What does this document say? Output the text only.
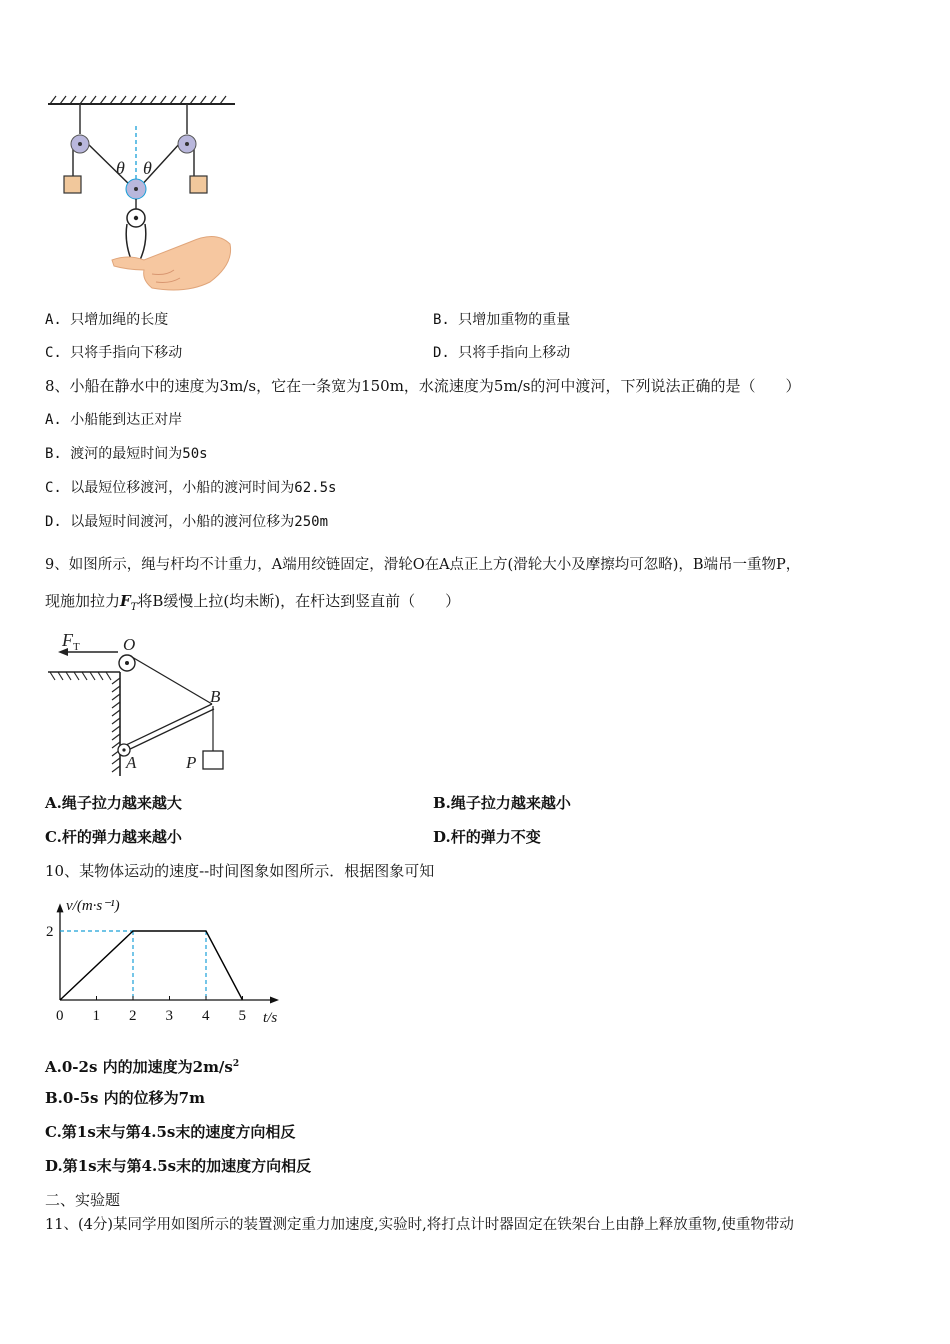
θ θ
A. 只增加绳的长度	B. 只增加重物的重量
C. 只将手指向下移动	D. 只将手指向上移动
8、小船在静水中的速度为3m/s，它在一条宽为150m，水流速度为5m/s的河中渡河，下列说法正确的是（　　）
A. 小船能到达正对岸
B. 渡河的最短时间为50s
C. 以最短位移渡河，小船的渡河时间为62.5s
D. 以最短时间渡河，小船的渡河位移为250m
9、如图所示，绳与杆均不计重力，A端用绞链固定，滑轮O在A点正上方(滑轮大小及摩擦均可忽略)，B端吊一重物P，
现施加拉力$F_T$将B缓慢上拉(均未断)，在杆达到竖直前（　　）
$F_T$	O
B
A	P
A.绳子拉力越来越大	B.绳子拉力越来越小
C.杆的弹力越来越小	D.杆的弹力不变
10、某物体运动的速度--时间图象如图所示．根据图象可知
0 1 2 3 4 5
2
t/s
v/(m·s⁻¹)
A.0-2s 内的加速度为$2m/s^2$
B.0-5s 内的位移为7m
C.第1s末与第4.5s末的速度方向相反
D.第1s末与第4.5s末的加速度方向相反
二、实验题
11、(4分)某同学用如图所示的装置测定重力加速度,实验时,将打点计时器固定在铁架台上由静上释放重物,使重物带动
